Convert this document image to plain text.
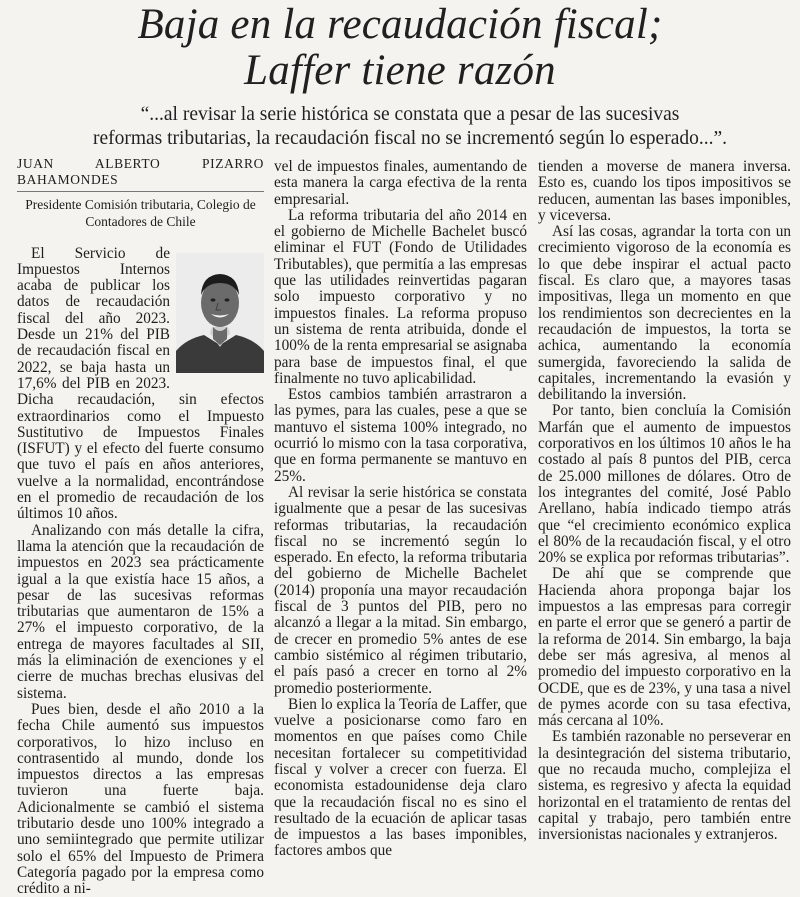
Baja en la recaudación fiscal;
Laffer tiene razón
“...al revisar la serie histórica se constata que a pesar de las sucesivas
reformas tributarias, la recaudación fiscal no se incrementó según lo esperado...”.
JUAN ALBERTO PIZARRO BAHAMONDES
Presidente Comisión tributaria, Colegio de Contadores de Chile

El Servicio de Impuestos Internos acaba de publicar los datos de recaudación fiscal del año 2023. Desde un 21% del PIB de recaudación fiscal en 2022, se baja hasta un 17,6% del PIB en 2023. Dicha recaudación, sin efectos extraordinarios como el Impuesto Sustitutivo de Impuestos Finales (ISFUT) y el efecto del fuerte consumo que tuvo el país en años anteriores, vuelve a la normalidad, encontrándose en el promedio de recaudación de los últimos 10 años.

Analizando con más detalle la cifra, llama la atención que la recaudación de impuestos en 2023 sea prácticamente igual a la que existía hace 15 años, a pesar de las sucesivas reformas tributarias que aumentaron de 15% a 27% el impuesto corporativo, de la entrega de mayores facultades al SII, más la eliminación de exenciones y el cierre de muchas brechas elusivas del sistema.

Pues bien, desde el año 2010 a la fecha Chile aumentó sus impuestos corporativos, lo hizo incluso en contrasentido al mundo, donde los impuestos directos a las empresas tuvieron una fuerte baja. Adicionalmente se cambió el sistema tributario desde uno 100% integrado a uno semiintegrado que permite utilizar solo el 65% del Impuesto de Primera Categoría pagado por la empresa como crédito a ni-

vel de impuestos finales, aumentando de esta manera la carga efectiva de la renta empresarial.

La reforma tributaria del año 2014 en el gobierno de Michelle Bachelet buscó eliminar el FUT (Fondo de Utilidades Tributables), que permitía a las empresas que las utilidades reinvertidas pagaran solo impuesto corporativo y no impuestos finales. La reforma propuso un sistema de renta atribuida, donde el 100% de la renta empresarial se asignaba para base de impuestos final, el que finalmente no tuvo aplicabilidad.

Estos cambios también arrastraron a las pymes, para las cuales, pese a que se mantuvo el sistema 100% integrado, no ocurrió lo mismo con la tasa corporativa, que en forma permanente se mantuvo en 25%.

Al revisar la serie histórica se constata igualmente que a pesar de las sucesivas reformas tributarias, la recaudación fiscal no se incrementó según lo esperado. En efecto, la reforma tributaria del gobierno de Michelle Bachelet (2014) proponía una mayor recaudación fiscal de 3 puntos del PIB, pero no alcanzó a llegar a la mitad. Sin embargo, de crecer en promedio 5% antes de ese cambio sistémico al régimen tributario, el país pasó a crecer en torno al 2% promedio posteriormente.

Bien lo explica la Teoría de Laffer, que vuelve a posicionarse como faro en momentos en que países como Chile necesitan fortalecer su competitividad fiscal y volver a crecer con fuerza. El economista estadounidense deja claro que la recaudación fiscal no es sino el resultado de la ecuación de aplicar tasas de impuestos a las bases imponibles, factores ambos que

tienden a moverse de manera inversa. Esto es, cuando los tipos impositivos se reducen, aumentan las bases imponibles, y viceversa.

Así las cosas, agrandar la torta con un crecimiento vigoroso de la economía es lo que debe inspirar el actual pacto fiscal. Es claro que, a mayores tasas impositivas, llega un momento en que los rendimientos son decrecientes en la recaudación de impuestos, la torta se achica, aumentando la economía sumergida, favoreciendo la salida de capitales, incrementando la evasión y debilitando la inversión.

Por tanto, bien concluía la Comisión Marfán que el aumento de impuestos corporativos en los últimos 10 años le ha costado al país 8 puntos del PIB, cerca de 25.000 millones de dólares. Otro de los integrantes del comité, José Pablo Arellano, había indicado tiempo atrás que “el crecimiento económico explica el 80% de la recaudación fiscal, y el otro 20% se explica por reformas tributarias”.

De ahí que se comprende que Hacienda ahora proponga bajar los impuestos a las empresas para corregir en parte el error que se generó a partir de la reforma de 2014. Sin embargo, la baja debe ser más agresiva, al menos al promedio del impuesto corporativo en la OCDE, que es de 23%, y una tasa a nivel de pymes acorde con su tasa efectiva, más cercana al 10%.

Es también razonable no perseverar en la desintegración del sistema tributario, que no recauda mucho, complejiza el sistema, es regresivo y afecta la equidad horizontal en el tratamiento de rentas del capital y trabajo, pero también entre inversionistas nacionales y extranjeros.
